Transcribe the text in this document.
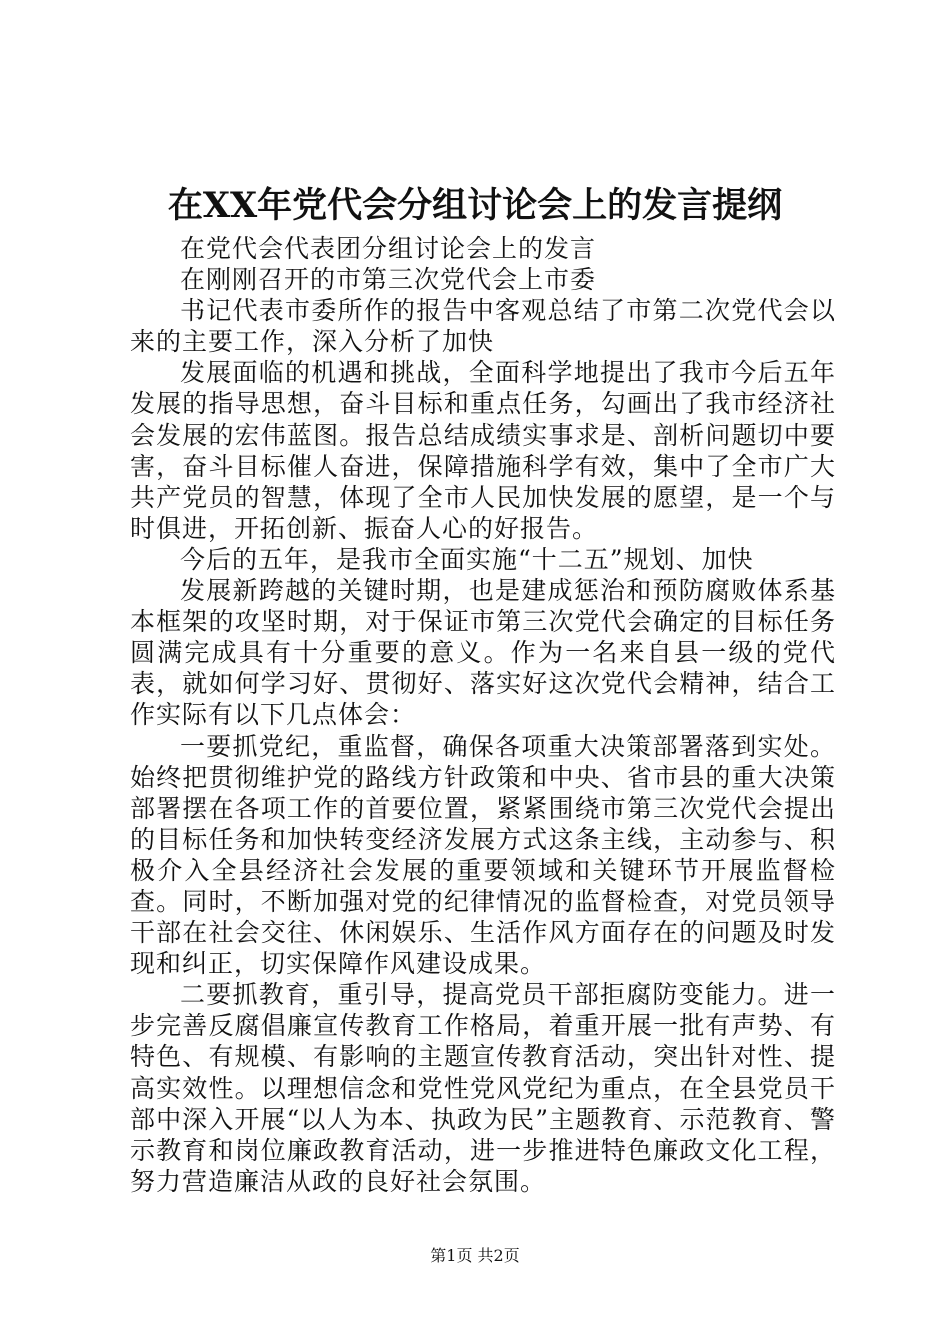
在XX年党代会分组讨论会上的发言提纲

在党代会代表团分组讨论会上的发言

在刚刚召开的市第三次党代会上市委

书记代表市委所作的报告中客观总结了市第二次党代会以来的主要工作，深入分析了加快

发展面临的机遇和挑战，全面科学地提出了我市今后五年发展的指导思想，奋斗目标和重点任务，勾画出了我市经济社会发展的宏伟蓝图。报告总结成绩实事求是、剖析问题切中要害，奋斗目标催人奋进，保障措施科学有效，集中了全市广大共产党员的智慧，体现了全市人民加快发展的愿望，是一个与时俱进，开拓创新、振奋人心的好报告。

今后的五年，是我市全面实施“十二五”规划、加快

发展新跨越的关键时期，也是建成惩治和预防腐败体系基本框架的攻坚时期，对于保证市第三次党代会确定的目标任务圆满完成具有十分重要的意义。作为一名来自县一级的党代表，就如何学习好、贯彻好、落实好这次党代会精神，结合工作实际有以下几点体会：

一要抓党纪，重监督，确保各项重大决策部署落到实处。始终把贯彻维护党的路线方针政策和中央、省市县的重大决策部署摆在各项工作的首要位置，紧紧围绕市第三次党代会提出的目标任务和加快转变经济发展方式这条主线，主动参与、积极介入全县经济社会发展的重要领域和关键环节开展监督检查。同时，不断加强对党的纪律情况的监督检查，对党员领导干部在社会交往、休闲娱乐、生活作风方面存在的问题及时发现和纠正，切实保障作风建设成果。

二要抓教育，重引导，提高党员干部拒腐防变能力。进一步完善反腐倡廉宣传教育工作格局，着重开展一批有声势、有特色、有规模、有影响的主题宣传教育活动，突出针对性、提高实效性。以理想信念和党性党风党纪为重点，在全县党员干部中深入开展“以人为本、执政为民”主题教育、示范教育、警示教育和岗位廉政教育活动，进一步推进特色廉政文化工程，努力营造廉洁从政的良好社会氛围。

第1页 共2页
